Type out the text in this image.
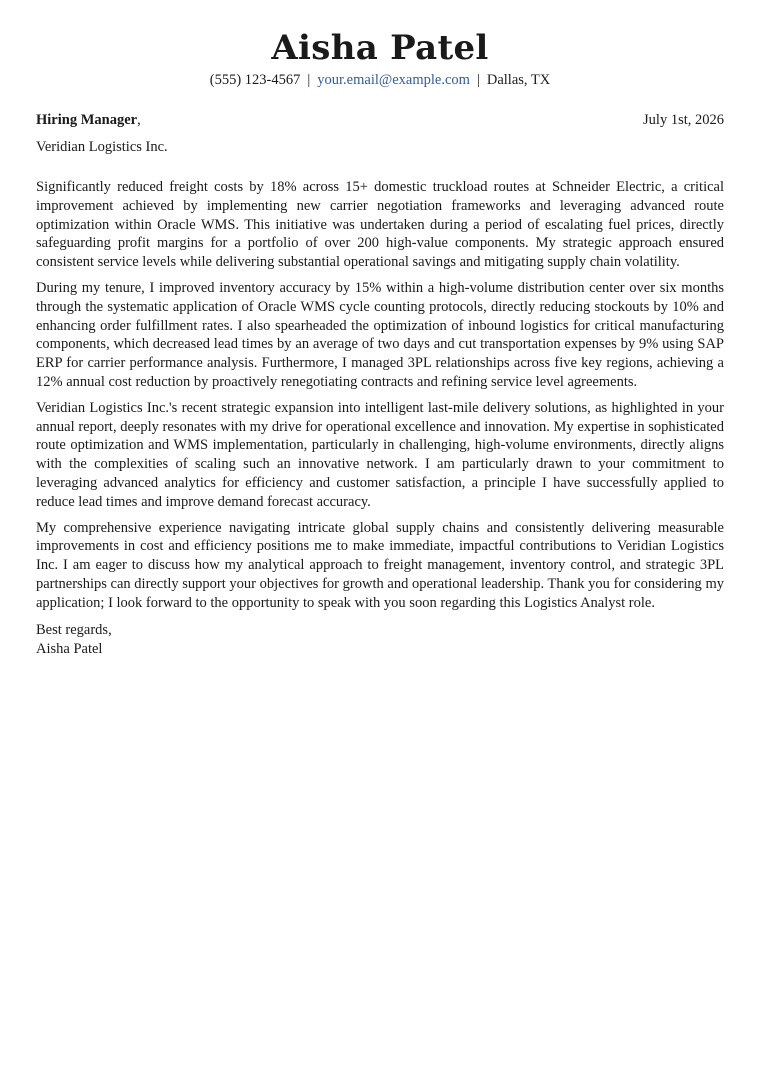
Aisha Patel
(555) 123-4567 | your.email@example.com | Dallas, TX
Hiring Manager,	July 1st, 2026
Veridian Logistics Inc.

Significantly reduced freight costs by 18% across 15+ domestic truckload routes at Schneider Electric, a critical improvement achieved by implementing new carrier negotiation frameworks and leveraging advanced route optimization within Oracle WMS. This initiative was undertaken during a period of escalating fuel prices, directly safeguarding profit margins for a portfolio of over 200 high-value components. My strategic approach ensured consistent service levels while delivering substantial operational savings and mitigating supply chain volatility.

During my tenure, I improved inventory accuracy by 15% within a high-volume distribution center over six months through the systematic application of Oracle WMS cycle counting protocols, directly reducing stockouts by 10% and enhancing order fulfillment rates. I also spearheaded the optimization of inbound logistics for critical manufacturing components, which decreased lead times by an average of two days and cut transportation expenses by 9% using SAP ERP for carrier performance analysis. Furthermore, I managed 3PL relationships across five key regions, achieving a 12% annual cost reduction by proactively renegotiating contracts and refining service level agreements.

Veridian Logistics Inc.'s recent strategic expansion into intelligent last-mile delivery solutions, as highlighted in your annual report, deeply resonates with my drive for operational excellence and innovation. My expertise in sophisticated route optimization and WMS implementation, particularly in challenging, high-volume environments, directly aligns with the complexities of scaling such an innovative network. I am particularly drawn to your commitment to leveraging advanced analytics for efficiency and customer satisfaction, a principle I have successfully applied to reduce lead times and improve demand forecast accuracy.

My comprehensive experience navigating intricate global supply chains and consistently delivering measurable improvements in cost and efficiency positions me to make immediate, impactful contributions to Veridian Logistics Inc. I am eager to discuss how my analytical approach to freight management, inventory control, and strategic 3PL partnerships can directly support your objectives for growth and operational leadership. Thank you for considering my application; I look forward to the opportunity to speak with you soon regarding this Logistics Analyst role.

Best regards,
Aisha Patel
